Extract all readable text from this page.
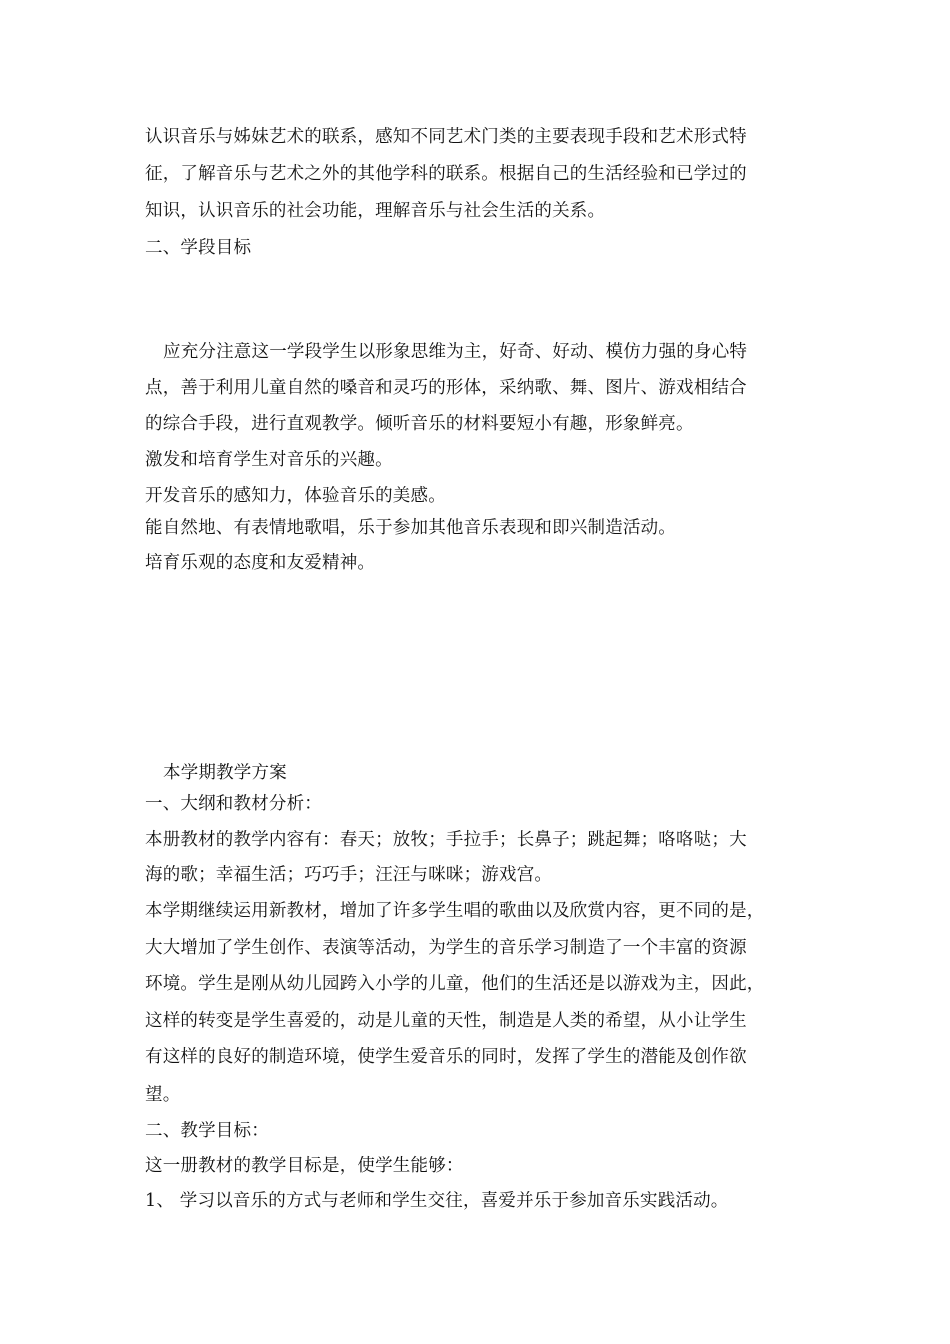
认识音乐与姊妹艺术的联系，感知不同艺术门类的主要表现手段和艺术形式特
征，了解音乐与艺术之外的其他学科的联系。根据自己的生活经验和已学过的
知识，认识音乐的社会功能，理解音乐与社会生活的关系。
二、学段目标
应充分注意这一学段学生以形象思维为主，好奇、好动、模仿力强的身心特
点，善于利用儿童自然的嗓音和灵巧的形体，采纳歌、舞、图片、游戏相结合
的综合手段，进行直观教学。倾听音乐的材料要短小有趣，形象鲜亮。
激发和培育学生对音乐的兴趣。
开发音乐的感知力，体验音乐的美感。
能自然地、有表情地歌唱，乐于参加其他音乐表现和即兴制造活动。
培育乐观的态度和友爱精神。
本学期教学方案
一、大纲和教材分析：
本册教材的教学内容有：春天；放牧；手拉手；长鼻子；跳起舞；咯咯哒；大
海的歌；幸福生活；巧巧手；汪汪与咪咪；游戏宫。
本学期继续运用新教材，增加了许多学生唱的歌曲以及欣赏内容，更不同的是，
大大增加了学生创作、表演等活动，为学生的音乐学习制造了一个丰富的资源
环境。学生是刚从幼儿园跨入小学的儿童，他们的生活还是以游戏为主，因此，
这样的转变是学生喜爱的，动是儿童的天性，制造是人类的希望，从小让学生
有这样的良好的制造环境，使学生爱音乐的同时，发挥了学生的潜能及创作欲
望。
二、教学目标：
这一册教材的教学目标是，使学生能够：
1、 学习以音乐的方式与老师和学生交往，喜爱并乐于参加音乐实践活动。
